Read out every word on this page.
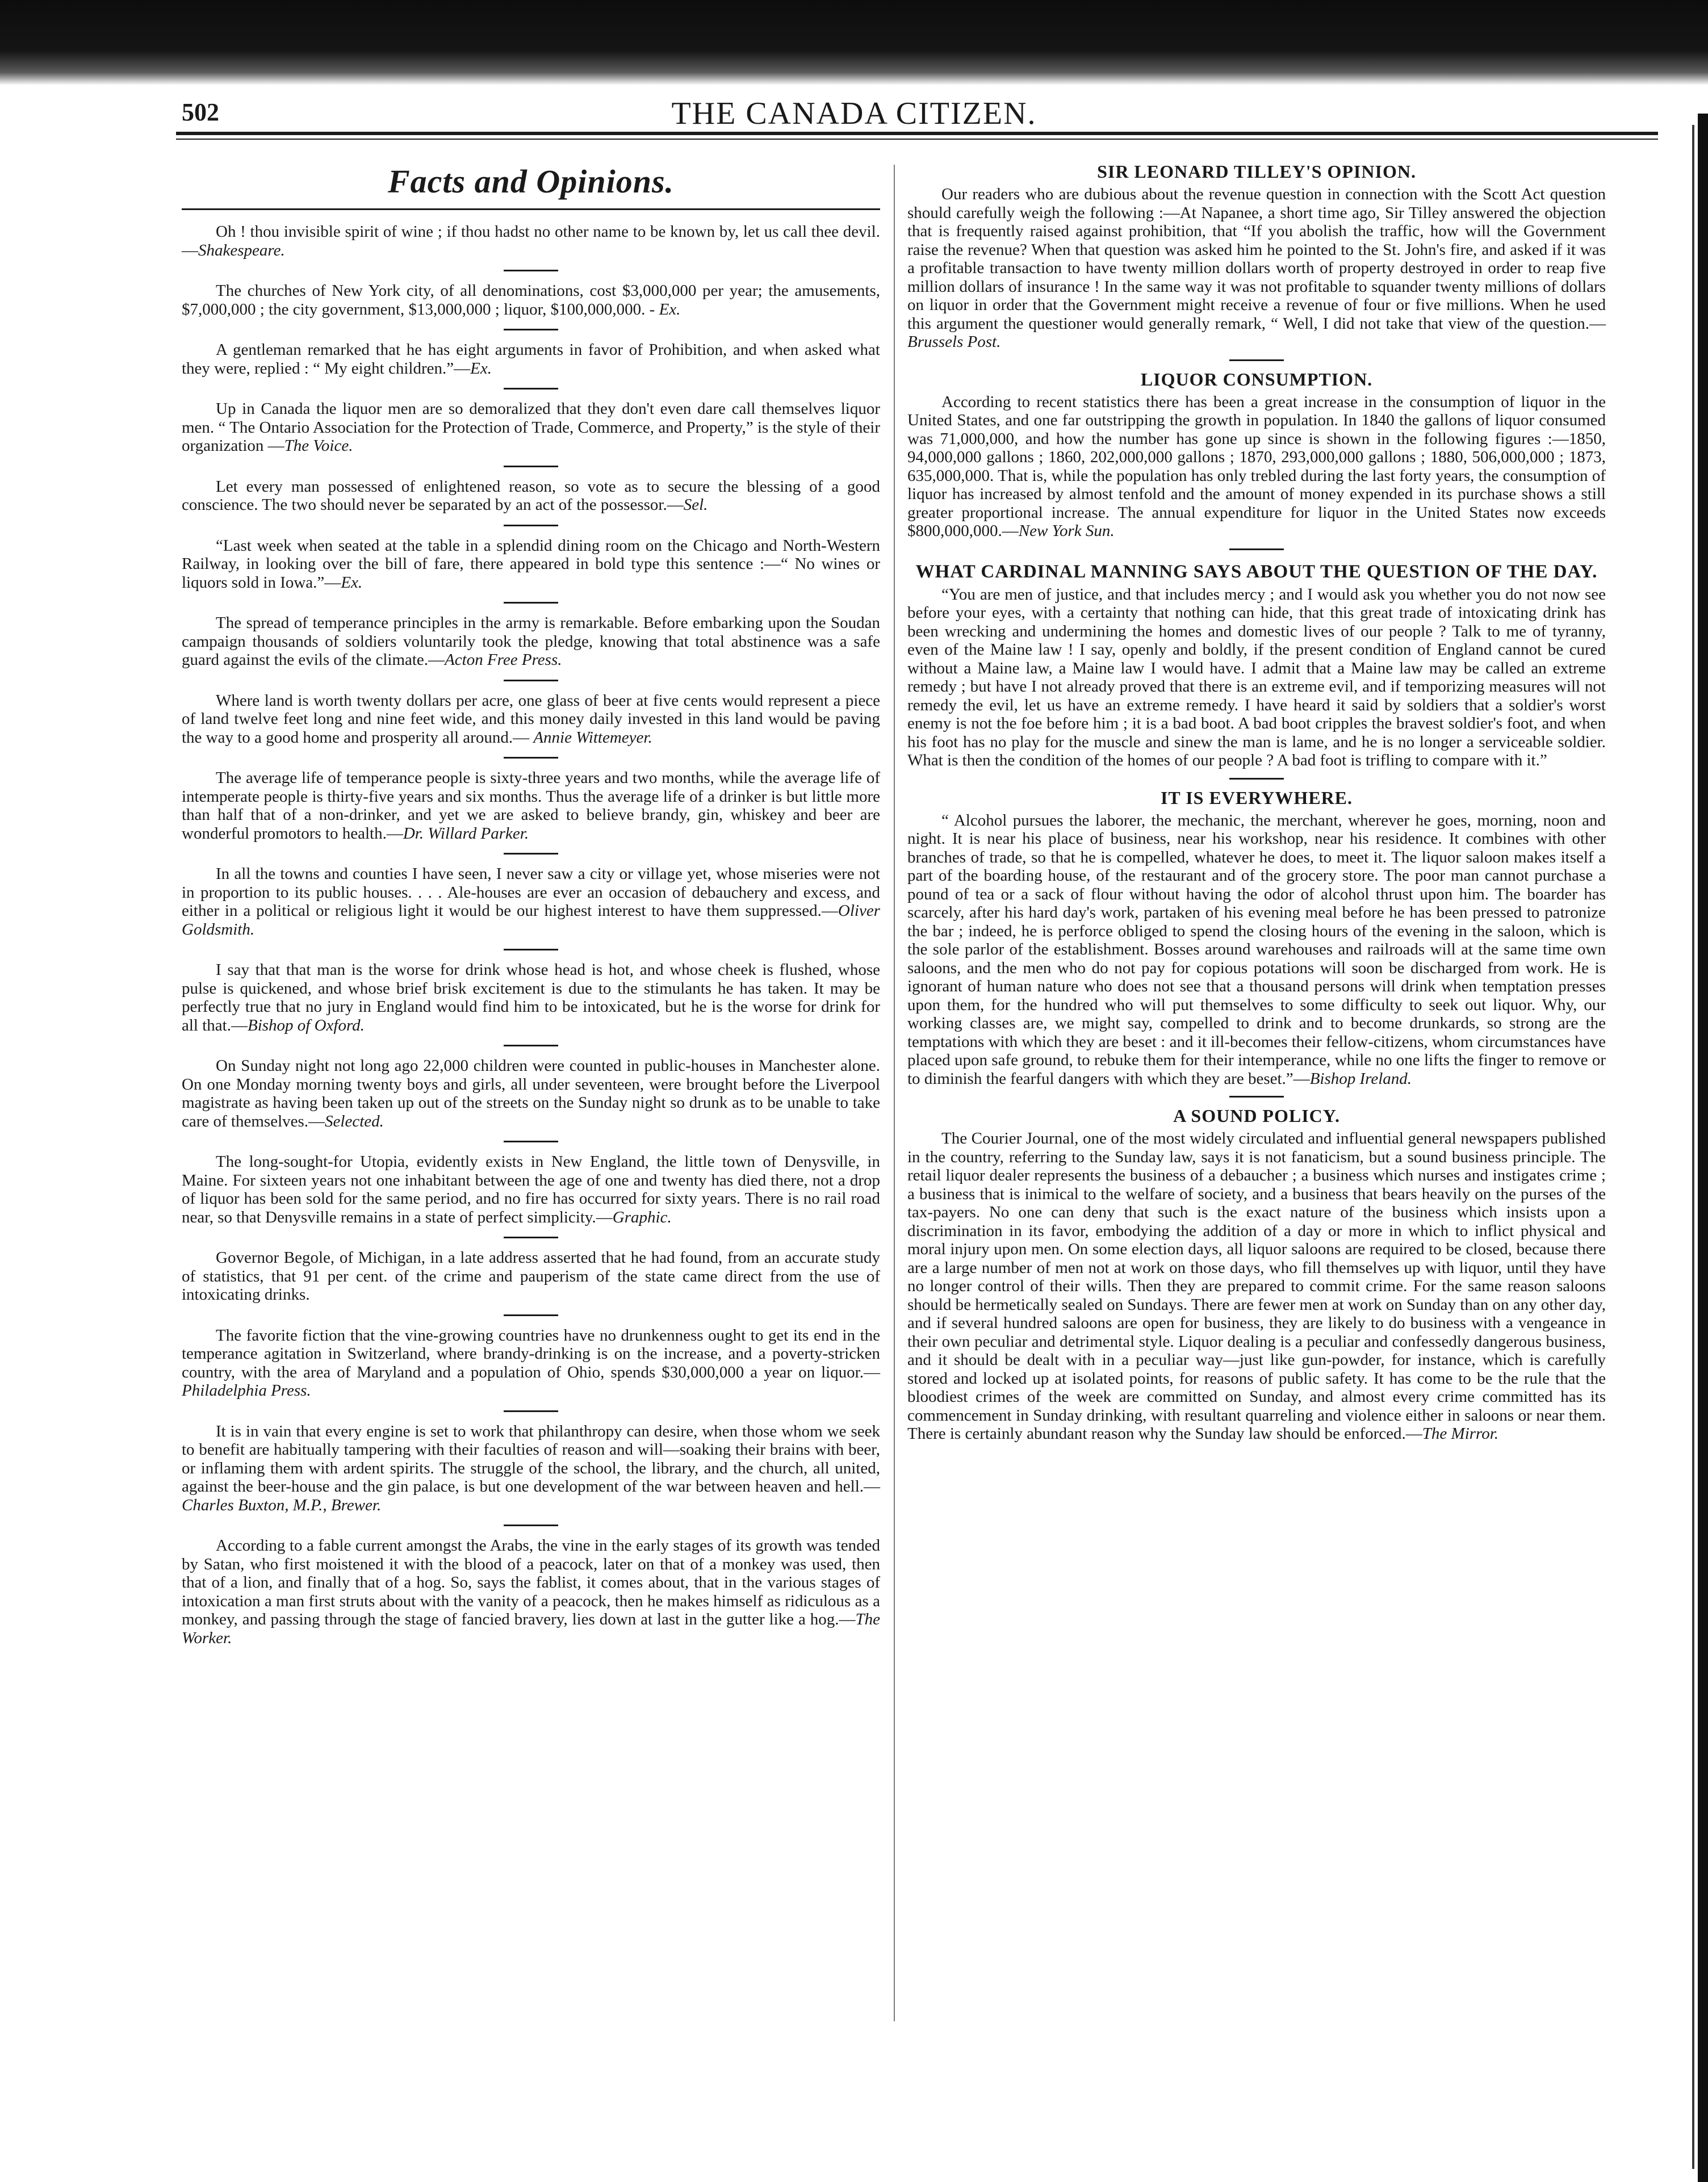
502	THE CANADA CITIZEN.
Facts and Opinions.

Oh ! thou invisible spirit of wine ; if thou hadst no other name to be known by, let us call thee devil.—Shakespeare.

The churches of New York city, of all denominations, cost $3,000,000 per year; the amusements, $7,000,000 ; the city government, $13,000,000 ; liquor, $100,000,000. - Ex.

A gentleman remarked that he has eight arguments in favor of Prohibition, and when asked what they were, replied : “ My eight children.”—Ex.

Up in Canada the liquor men are so demoralized that they don't even dare call themselves liquor men. “ The Ontario Association for the Protection of Trade, Commerce, and Property,” is the style of their organization —The Voice.

Let every man possessed of enlightened reason, so vote as to secure the blessing of a good conscience. The two should never be separated by an act of the possessor.—Sel.

“Last week when seated at the table in a splendid dining room on the Chicago and North-Western Railway, in looking over the bill of fare, there appeared in bold type this sentence :—“ No wines or liquors sold in Iowa.”—Ex.

The spread of temperance principles in the army is remarkable. Before embarking upon the Soudan campaign thousands of soldiers voluntarily took the pledge, knowing that total abstinence was a safe guard against the evils of the climate.—Acton Free Press.

Where land is worth twenty dollars per acre, one glass of beer at five cents would represent a piece of land twelve feet long and nine feet wide, and this money daily invested in this land would be paving the way to a good home and prosperity all around.— Annie Wittemeyer.

The average life of temperance people is sixty-three years and two months, while the average life of intemperate people is thirty-five years and six months. Thus the average life of a drinker is but little more than half that of a non-drinker, and yet we are asked to believe brandy, gin, whiskey and beer are wonderful promotors to health.—Dr. Willard Parker.

In all the towns and counties I have seen, I never saw a city or village yet, whose miseries were not in proportion to its public houses. . . . Ale-houses are ever an occasion of debauchery and excess, and either in a political or religious light it would be our highest interest to have them suppressed.—Oliver Goldsmith.

I say that that man is the worse for drink whose head is hot, and whose cheek is flushed, whose pulse is quickened, and whose brief brisk excitement is due to the stimulants he has taken. It may be perfectly true that no jury in England would find him to be intoxicated, but he is the worse for drink for all that.—Bishop of Oxford.

On Sunday night not long ago 22,000 children were counted in public-houses in Manchester alone. On one Monday morning twenty boys and girls, all under seventeen, were brought before the Liverpool magistrate as having been taken up out of the streets on the Sunday night so drunk as to be unable to take care of themselves.—Selected.

The long-sought-for Utopia, evidently exists in New England, the little town of Denysville, in Maine. For sixteen years not one inhabitant between the age of one and twenty has died there, not a drop of liquor has been sold for the same period, and no fire has occurred for sixty years. There is no rail road near, so that Denysville remains in a state of perfect simplicity.—Graphic.

Governor Begole, of Michigan, in a late address asserted that he had found, from an accurate study of statistics, that 91 per cent. of the crime and pauperism of the state came direct from the use of intoxicating drinks.

The favorite fiction that the vine-growing countries have no drunkenness ought to get its end in the temperance agitation in Switzerland, where brandy-drinking is on the increase, and a poverty-stricken country, with the area of Maryland and a population of Ohio, spends $30,000,000 a year on liquor.—Philadelphia Press.

It is in vain that every engine is set to work that philanthropy can desire, when those whom we seek to benefit are habitually tampering with their faculties of reason and will—soaking their brains with beer, or inflaming them with ardent spirits. The struggle of the school, the library, and the church, all united, against the beer-house and the gin palace, is but one development of the war between heaven and hell.—Charles Buxton, M.P., Brewer.

According to a fable current amongst the Arabs, the vine in the early stages of its growth was tended by Satan, who first moistened it with the blood of a peacock, later on that of a monkey was used, then that of a lion, and finally that of a hog. So, says the fablist, it comes about, that in the various stages of intoxication a man first struts about with the vanity of a peacock, then he makes himself as ridiculous as a monkey, and passing through the stage of fancied bravery, lies down at last in the gutter like a hog.—The Worker.

SIR LEONARD TILLEY'S OPINION.

Our readers who are dubious about the revenue question in connection with the Scott Act question should carefully weigh the following :—At Napanee, a short time ago, Sir Tilley answered the objection that is frequently raised against prohibition, that “If you abolish the traffic, how will the Government raise the revenue? When that question was asked him he pointed to the St. John's fire, and asked if it was a profitable transaction to have twenty million dollars worth of property destroyed in order to reap five million dollars of insurance ! In the same way it was not profitable to squander twenty millions of dollars on liquor in order that the Government might receive a revenue of four or five millions. When he used this argument the questioner would generally remark, “ Well, I did not take that view of the question.—Brussels Post.

LIQUOR CONSUMPTION.

According to recent statistics there has been a great increase in the consumption of liquor in the United States, and one far outstripping the growth in population. In 1840 the gallons of liquor consumed was 71,000,000, and how the number has gone up since is shown in the following figures :—1850, 94,000,000 gallons ; 1860, 202,000,000 gallons ; 1870, 293,000,000 gallons ; 1880, 506,000,000 ; 1873, 635,000,000. That is, while the population has only trebled during the last forty years, the consumption of liquor has increased by almost tenfold and the amount of money expended in its purchase shows a still greater proportional increase. The annual expenditure for liquor in the United States now exceeds $800,000,000.—New York Sun.

WHAT CARDINAL MANNING SAYS ABOUT THE QUESTION OF THE DAY.

“You are men of justice, and that includes mercy ; and I would ask you whether you do not now see before your eyes, with a certainty that nothing can hide, that this great trade of intoxicating drink has been wrecking and undermining the homes and domestic lives of our people ? Talk to me of tyranny, even of the Maine law ! I say, openly and boldly, if the present condition of England cannot be cured without a Maine law, a Maine law I would have. I admit that a Maine law may be called an extreme remedy ; but have I not already proved that there is an extreme evil, and if temporizing measures will not remedy the evil, let us have an extreme remedy. I have heard it said by soldiers that a soldier's worst enemy is not the foe before him ; it is a bad boot. A bad boot cripples the bravest soldier's foot, and when his foot has no play for the muscle and sinew the man is lame, and he is no longer a serviceable soldier. What is then the condition of the homes of our people ? A bad foot is trifling to compare with it.”

IT IS EVERYWHERE.

“ Alcohol pursues the laborer, the mechanic, the merchant, wherever he goes, morning, noon and night. It is near his place of business, near his workshop, near his residence. It combines with other branches of trade, so that he is compelled, whatever he does, to meet it. The liquor saloon makes itself a part of the boarding house, of the restaurant and of the grocery store. The poor man cannot purchase a pound of tea or a sack of flour without having the odor of alcohol thrust upon him. The boarder has scarcely, after his hard day's work, partaken of his evening meal before he has been pressed to patronize the bar ; indeed, he is perforce obliged to spend the closing hours of the evening in the saloon, which is the sole parlor of the establishment. Bosses around warehouses and railroads will at the same time own saloons, and the men who do not pay for copious potations will soon be discharged from work. He is ignorant of human nature who does not see that a thousand persons will drink when temptation presses upon them, for the hundred who will put themselves to some difficulty to seek out liquor. Why, our working classes are, we might say, compelled to drink and to become drunkards, so strong are the temptations with which they are beset : and it ill-becomes their fellow-citizens, whom circumstances have placed upon safe ground, to rebuke them for their intemperance, while no one lifts the finger to remove or to diminish the fearful dangers with which they are beset.”—Bishop Ireland.

A SOUND POLICY.

The Courier Journal, one of the most widely circulated and influential general newspapers published in the country, referring to the Sunday law, says it is not fanaticism, but a sound business principle. The retail liquor dealer represents the business of a debaucher ; a business which nurses and instigates crime ; a business that is inimical to the welfare of society, and a business that bears heavily on the purses of the tax-payers. No one can deny that such is the exact nature of the business which insists upon a discrimination in its favor, embodying the addition of a day or more in which to inflict physical and moral injury upon men. On some election days, all liquor saloons are required to be closed, because there are a large number of men not at work on those days, who fill themselves up with liquor, until they have no longer control of their wills. Then they are prepared to commit crime. For the same reason saloons should be hermetically sealed on Sundays. There are fewer men at work on Sunday than on any other day, and if several hundred saloons are open for business, they are likely to do business with a vengeance in their own peculiar and detrimental style. Liquor dealing is a peculiar and confessedly dangerous business, and it should be dealt with in a peculiar way—just like gun-powder, for instance, which is carefully stored and locked up at isolated points, for reasons of public safety. It has come to be the rule that the bloodiest crimes of the week are committed on Sunday, and almost every crime committed has its commencement in Sunday drinking, with resultant quarreling and violence either in saloons or near them. There is certainly abundant reason why the Sunday law should be enforced.—The Mirror.
